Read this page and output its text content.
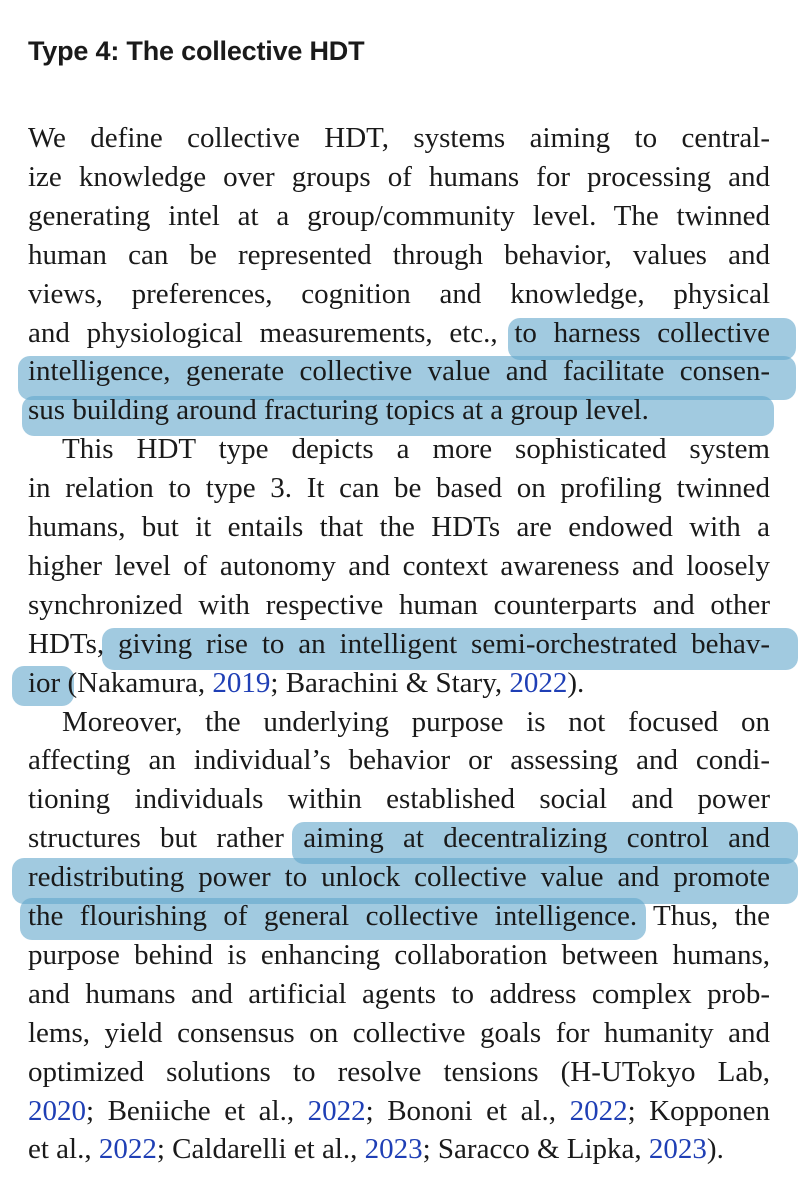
Type 4: The collective HDT
We define collective HDT, systems aiming to central-
ize knowledge over groups of humans for processing and
generating intel at a group/community level. The twinned
human can be represented through behavior, values and
views, preferences, cognition and knowledge, physical
and physiological measurements, etc., to harness collective
intelligence, generate collective value and facilitate consen-
sus building around fracturing topics at a group level.
This HDT type depicts a more sophisticated system
in relation to type 3. It can be based on profiling twinned
humans, but it entails that the HDTs are endowed with a
higher level of autonomy and context awareness and loosely
synchronized with respective human counterparts and other
HDTs, giving rise to an intelligent semi-orchestrated behav-
ior (Nakamura, 2019; Barachini & Stary, 2022).
Moreover, the underlying purpose is not focused on
affecting an individual’s behavior or assessing and condi-
tioning individuals within established social and power
structures but rather aiming at decentralizing control and
redistributing power to unlock collective value and promote
the flourishing of general collective intelligence. Thus, the
purpose behind is enhancing collaboration between humans,
and humans and artificial agents to address complex prob-
lems, yield consensus on collective goals for humanity and
optimized solutions to resolve tensions (H-UTokyo Lab,
2020; Beniiche et al., 2022; Bononi et al., 2022; Kopponen
et al., 2022; Caldarelli et al., 2023; Saracco & Lipka, 2023).
